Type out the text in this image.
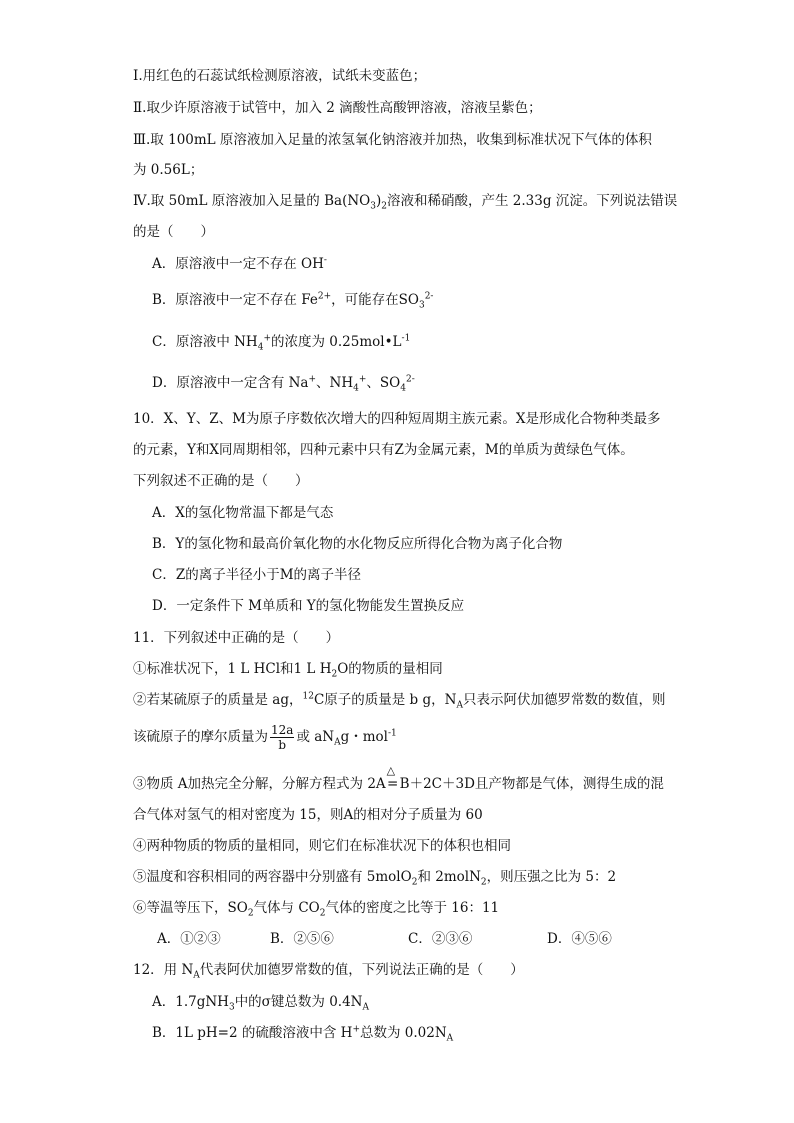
Ⅰ.用红色的石蕊试纸检测原溶液，试纸未变蓝色；
Ⅱ.取少许原溶液于试管中，加入 2 滴酸性高酸钾溶液，溶液呈紫色；
Ⅲ.取 100mL 原溶液加入足量的浓氢氧化钠溶液并加热，收集到标准状况下气体的体积
为 0.56L；
Ⅳ.取 50mL 原溶液加入足量的 $Ba(NO_3)_2$溶液和稀硝酸，产生 2.33g 沉淀。下列说法错误
的是（　　）
A．原溶液中一定不存在 OH-
B．原溶液中一定不存在 $Fe^{2+}$，可能存在$SO_3^{2-}$
C．原溶液中 $NH_4^+$的浓度为 $0.25mol•L^{-1}$
D．原溶液中一定含有 Na+、$NH_4^+$、$SO_4^{2-}$
10．X、Y、Z、M为原子序数依次增大的四种短周期主族元素。X是形成化合物种类最多
的元素，Y和X同周期相邻，四种元素中只有Z为金属元素，M的单质为黄绿色气体。
下列叙述不正确的是（　　）
A．X的氢化物常温下都是气态
B．Y的氢化物和最高价氧化物的水化物反应所得化合物为离子化合物
C．Z的离子半径小于M的离子半径
D．一定条件下 M单质和 Y的氢化物能发生置换反应
11．下列叙述中正确的是（　　）
①标准状况下，1 L HCl和1 L $H_2O$的物质的量相同
②若某硫原子的质量是 ag，$^{12}$C原子的质量是 b g，$N_A$只表示阿伏加德罗常数的数值，则
该硫原子的摩尔质量为 $\frac{12a}{b}$ 或 $aN_Ag$・mol$^{-1}$
③物质 A加热完全分解，分解方程式为 2A
△
=B＋2C＋3D且产物都是气体，测得生成的混
合气体对氢气的相对密度为 15，则A的相对分子质量为 60
④两种物质的物质的量相同，则它们在标准状况下的体积也相同
⑤温度和容积相同的两容器中分别盛有 5molO$_2$和 2molN$_2$，则压强之比为 5：2
⑥等温等压下，$SO_2$气体与 $CO_2$气体的密度之比等于 16：11
A．①②③	B．②⑤⑥	C．②③⑥	D．④⑤⑥
12．用 $N_A$代表阿伏加德罗常数的值，下列说法正确的是（　　）
A．1.7gNH$_3$中的σ键总数为 $0.4N_A$
B．1L pH=2 的硫酸溶液中含 H+总数为 $0.02N_A$
